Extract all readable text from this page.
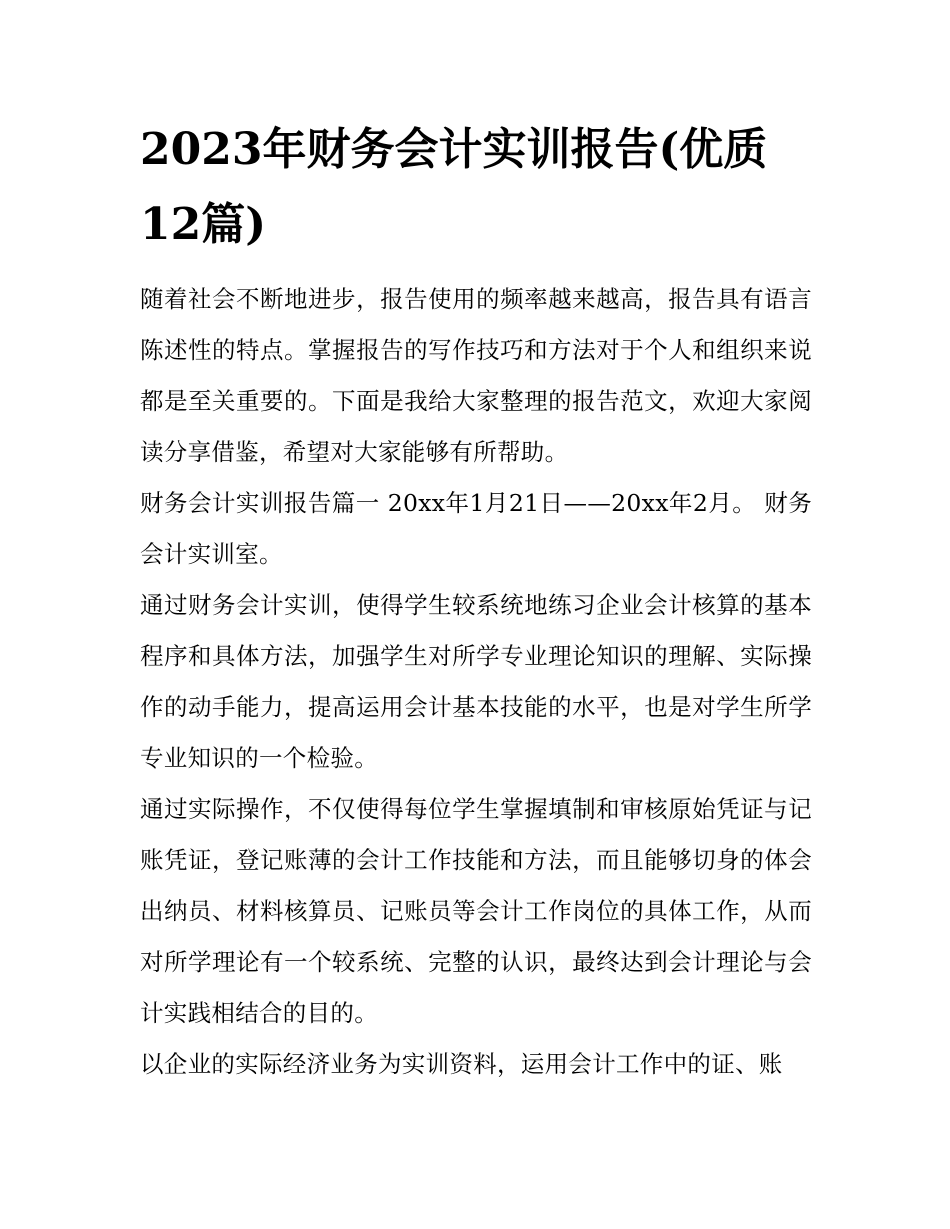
2023年财务会计实训报告(优质12篇)

随着社会不断地进步，报告使用的频率越来越高，报告具有语言陈述性的特点。掌握报告的写作技巧和方法对于个人和组织来说都是至关重要的。下面是我给大家整理的报告范文，欢迎大家阅读分享借鉴，希望对大家能够有所帮助。

财务会计实训报告篇一 20xx年1月21日——20xx年2月。 财务会计实训室。

通过财务会计实训，使得学生较系统地练习企业会计核算的基本程序和具体方法，加强学生对所学专业理论知识的理解、实际操作的动手能力，提高运用会计基本技能的水平，也是对学生所学专业知识的一个检验。

通过实际操作，不仅使得每位学生掌握填制和审核原始凭证与记账凭证，登记账薄的会计工作技能和方法，而且能够切身的体会出纳员、材料核算员、记账员等会计工作岗位的具体工作，从而对所学理论有一个较系统、完整的认识，最终达到会计理论与会计实践相结合的目的。

以企业的实际经济业务为实训资料，运用会计工作中的证、账
